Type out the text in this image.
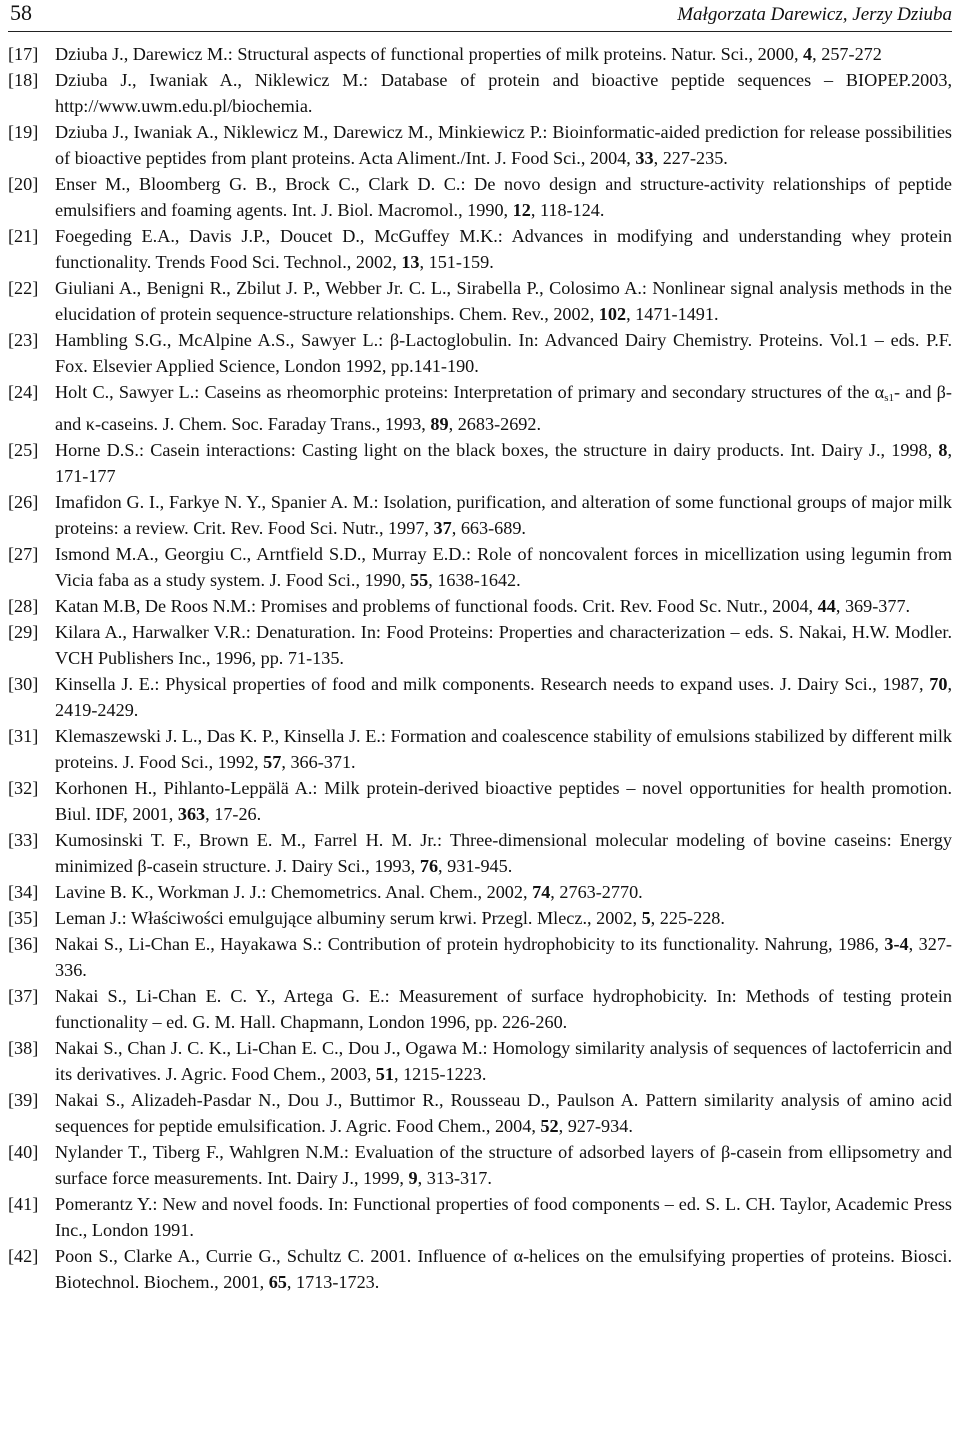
58	Małgorzata Darewicz, Jerzy Dziuba
[17] Dziuba J., Darewicz M.: Structural aspects of functional properties of milk proteins. Natur. Sci., 2000, 4, 257-272
[18] Dziuba J., Iwaniak A., Niklewicz M.: Database of protein and bioactive peptide sequences – BIOPEP.2003, http://www.uwm.edu.pl/biochemia.
[19] Dziuba J., Iwaniak A., Niklewicz M., Darewicz M., Minkiewicz P.: Bioinformatic-aided prediction for release possibilities of bioactive peptides from plant proteins. Acta Aliment./Int. J. Food Sci., 2004, 33, 227-235.
[20] Enser M., Bloomberg G. B., Brock C., Clark D. C.: De novo design and structure-activity relationships of peptide emulsifiers and foaming agents. Int. J. Biol. Macromol., 1990, 12, 118-124.
[21] Foegeding E.A., Davis J.P., Doucet D., McGuffey M.K.: Advances in modifying and understanding whey protein functionality. Trends Food Sci. Technol., 2002, 13, 151-159.
[22] Giuliani A., Benigni R., Zbilut J. P., Webber Jr. C. L., Sirabella P., Colosimo A.: Nonlinear signal analysis methods in the elucidation of protein sequence-structure relationships. Chem. Rev., 2002, 102, 1471-1491.
[23] Hambling S.G., McAlpine A.S., Sawyer L.: β-Lactoglobulin. In: Advanced Dairy Chemistry. Proteins. Vol.1 – eds. P.F. Fox. Elsevier Applied Science, London 1992, pp.141-190.
[24] Holt C., Sawyer L.: Caseins as rheomorphic proteins: Interpretation of primary and secondary structures of the $\alpha_{s1}-$ and β- and κ-caseins. J. Chem. Soc. Faraday Trans., 1993, 89, 2683-2692.
[25] Horne D.S.: Casein interactions: Casting light on the black boxes, the structure in dairy products. Int. Dairy J., 1998, 8, 171-177
[26] Imafidon G. I., Farkye N. Y., Spanier A. M.: Isolation, purification, and alteration of some functional groups of major milk proteins: a review. Crit. Rev. Food Sci. Nutr., 1997, 37, 663-689.
[27] Ismond M.A., Georgiu C., Arntfield S.D., Murray E.D.: Role of noncovalent forces in micellization using legumin from Vicia faba as a study system. J. Food Sci., 1990, 55, 1638-1642.
[28] Katan M.B, De Roos N.M.: Promises and problems of functional foods. Crit. Rev. Food Sc. Nutr., 2004, 44, 369-377.
[29] Kilara A., Harwalker V.R.: Denaturation. In: Food Proteins: Properties and characterization – eds. S. Nakai, H.W. Modler. VCH Publishers Inc., 1996, pp. 71-135.
[30] Kinsella J. E.: Physical properties of food and milk components. Research needs to expand uses. J. Dairy Sci., 1987, 70, 2419-2429.
[31] Klemaszewski J. L., Das K. P., Kinsella J. E.: Formation and coalescence stability of emulsions stabilized by different milk proteins. J. Food Sci., 1992, 57, 366-371.
[32] Korhonen H., Pihlanto-Leppälä A.: Milk protein-derived bioactive peptides – novel opportunities for health promotion. Biul. IDF, 2001, 363, 17-26.
[33] Kumosinski T. F., Brown E. M., Farrel H. M. Jr.: Three-dimensional molecular modeling of bovine caseins: Energy minimized β-casein structure. J. Dairy Sci., 1993, 76, 931-945.
[34] Lavine B. K., Workman J. J.: Chemometrics. Anal. Chem., 2002, 74, 2763-2770.
[35] Leman J.: Właściwości emulgujące albuminy serum krwi. Przegl. Mlecz., 2002, 5, 225-228.
[36] Nakai S., Li-Chan E., Hayakawa S.: Contribution of protein hydrophobicity to its functionality. Nahrung, 1986, 3-4, 327-336.
[37] Nakai S., Li-Chan E. C. Y., Artega G. E.: Measurement of surface hydrophobicity. In: Methods of testing protein functionality – ed. G. M. Hall. Chapmann, London 1996, pp. 226-260.
[38] Nakai S., Chan J. C. K., Li-Chan E. C., Dou J., Ogawa M.: Homology similarity analysis of sequences of lactoferricin and its derivatives. J. Agric. Food Chem., 2003, 51, 1215-1223.
[39] Nakai S., Alizadeh-Pasdar N., Dou J., Buttimor R., Rousseau D., Paulson A. Pattern similarity analysis of amino acid sequences for peptide emulsification. J. Agric. Food Chem., 2004, 52, 927-934.
[40] Nylander T., Tiberg F., Wahlgren N.M.: Evaluation of the structure of adsorbed layers of β-casein from ellipsometry and surface force measurements. Int. Dairy J., 1999, 9, 313-317.
[41] Pomerantz Y.: New and novel foods. In: Functional properties of food components – ed. S. L. CH. Taylor, Academic Press Inc., London 1991.
[42] Poon S., Clarke A., Currie G., Schultz C. 2001. Influence of α-helices on the emulsifying properties of proteins. Biosci. Biotechnol. Biochem., 2001, 65, 1713-1723.
